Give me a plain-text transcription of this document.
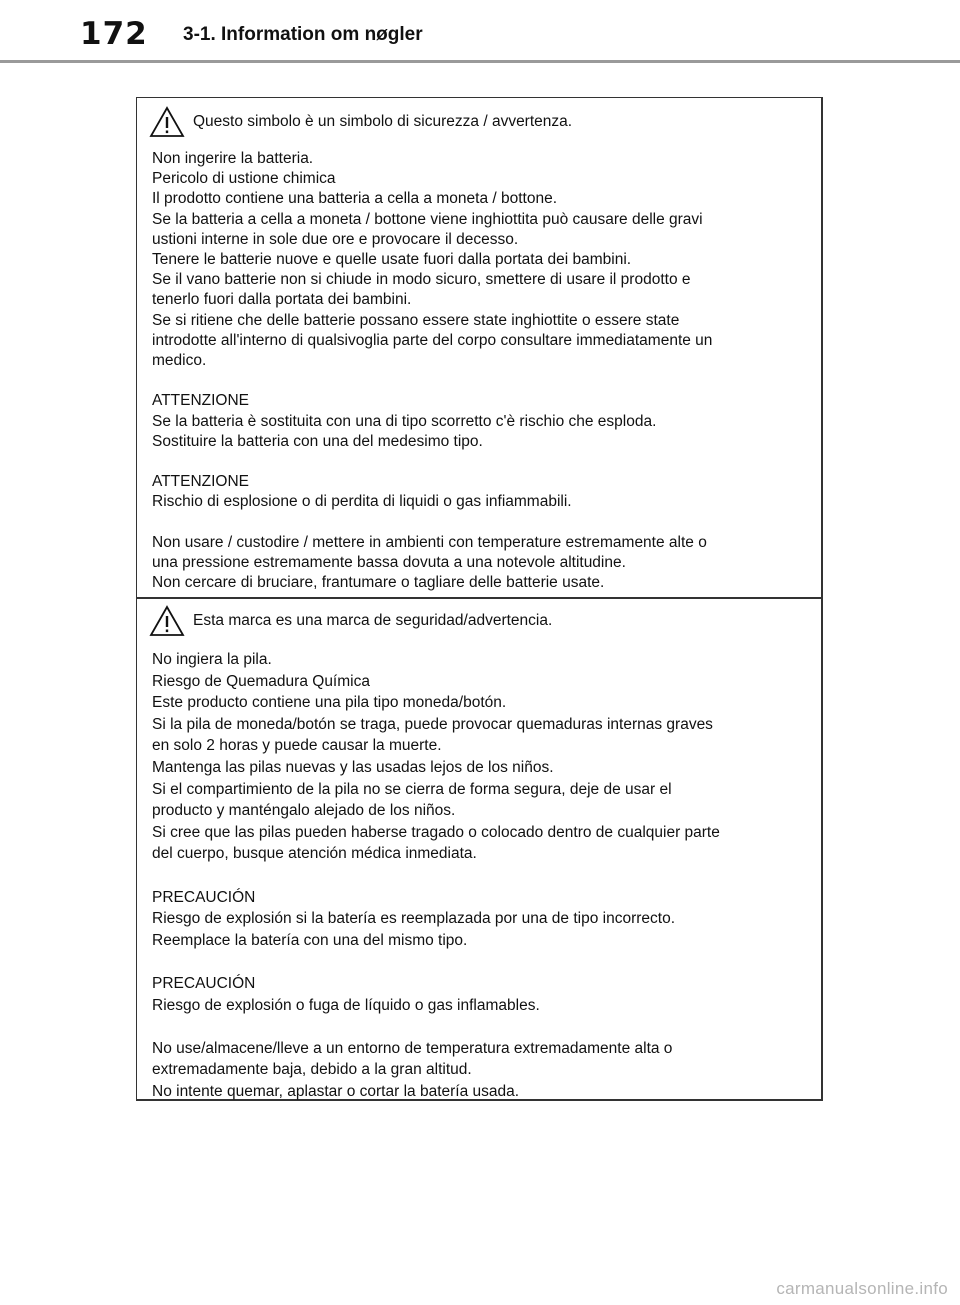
172 3-1. Information om nøgler
Questo simbolo è un simbolo di sicurezza / avvertenza.
Non ingerire la batteria.
Pericolo di ustione chimica
Il prodotto contiene una batteria a cella a moneta / bottone.
Se la batteria a cella a moneta / bottone viene inghiottita può causare delle gravi
ustioni interne in sole due ore e provocare il decesso.
Tenere le batterie nuove e quelle usate fuori dalla portata dei bambini.
Se il vano batterie non si chiude in modo sicuro, smettere di usare il prodotto e
tenerlo fuori dalla portata dei bambini.
Se si ritiene che delle batterie possano essere state inghiottite o essere state
introdotte all'interno di qualsivoglia parte del corpo consultare immediatamente un
medico.
ATTENZIONE
Se la batteria è sostituita con una di tipo scorretto c'è rischio che esploda.
Sostituire la batteria con una del medesimo tipo.
ATTENZIONE
Rischio di esplosione o di perdita di liquidi o gas infiammabili.
Non usare / custodire / mettere in ambienti con temperature estremamente alte o
una pressione estremamente bassa dovuta a una notevole altitudine.
Non cercare di bruciare, frantumare o tagliare delle batterie usate.
Esta marca es una marca de seguridad/advertencia.
No ingiera la pila.
Riesgo de Quemadura Química
Este producto contiene una pila tipo moneda/botón.
Si la pila de moneda/botón se traga, puede provocar quemaduras internas graves
en solo 2 horas y puede causar la muerte.
Mantenga las pilas nuevas y las usadas lejos de los niños.
Si el compartimiento de la pila no se cierra de forma segura, deje de usar el
producto y manténgalo alejado de los niños.
Si cree que las pilas pueden haberse tragado o colocado dentro de cualquier parte
del cuerpo, busque atención médica inmediata.
PRECAUCIÓN
Riesgo de explosión si la batería es reemplazada por una de tipo incorrecto.
Reemplace la batería con una del mismo tipo.
PRECAUCIÓN
Riesgo de explosión o fuga de líquido o gas inflamables.
No use/almacene/lleve a un entorno de temperatura extremadamente alta o
extremadamente baja, debido a la gran altitud.
No intente quemar, aplastar o cortar la batería usada.
carmanualsonline.info
